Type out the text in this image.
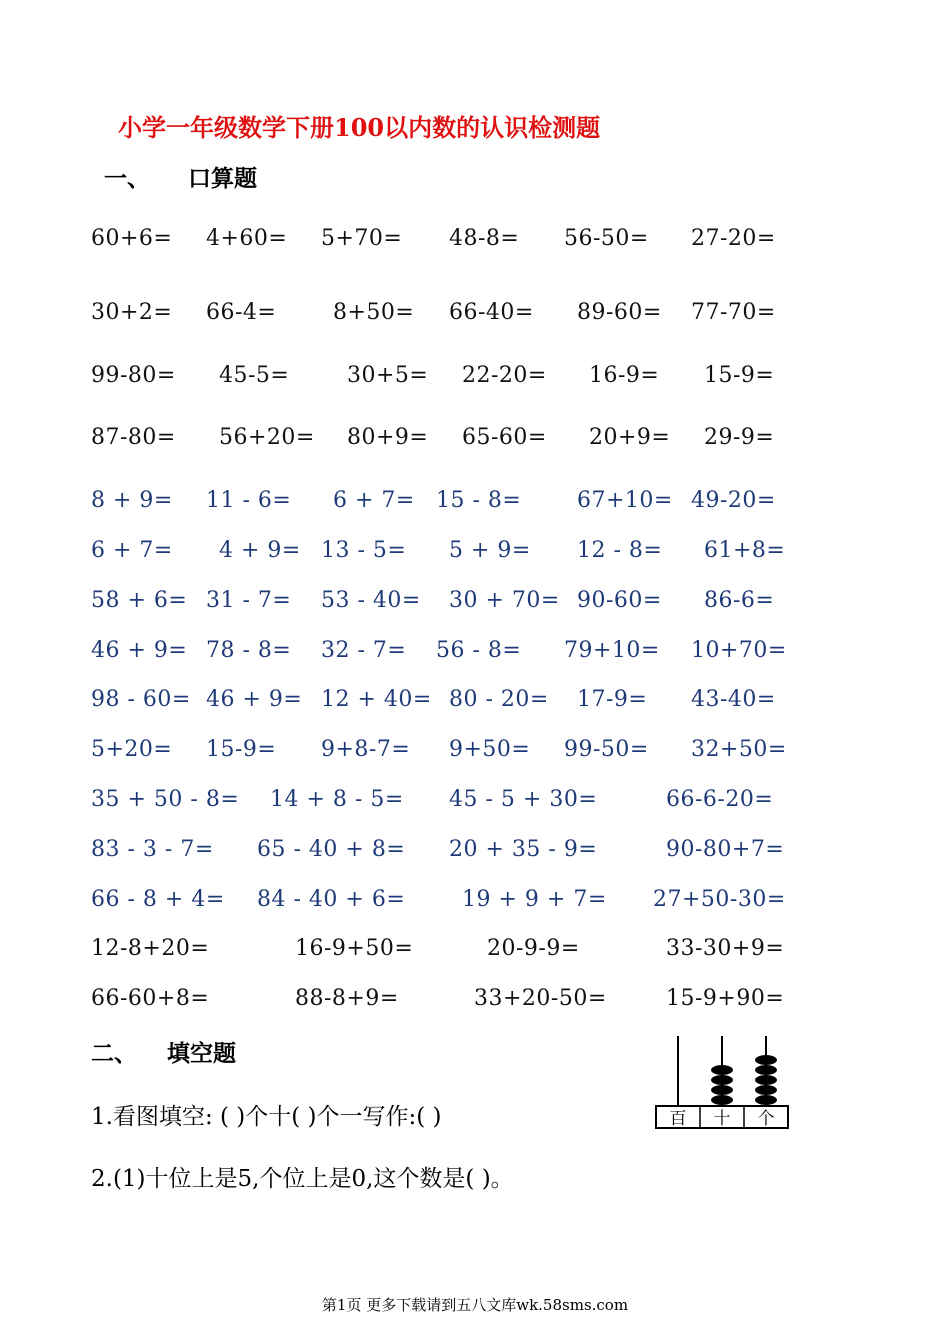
小学一年级数学下册100以内数的认识检测题
一、 口算题
60+6= 4+60= 5+70= 48-8= 56-50= 27-20=
30+2= 66-4=	8+50= 66-40= 89-60= 77-70=
99-80= 45-5=	30+5= 22-20= 16-9= 15-9=
87-80= 56+20= 80+9= 65-60= 20+9= 29-9=
8 + 9= 11 - 6= 6 + 7= 15 - 8=	67+10= 49-20=
6 + 7= 4 + 9= 13 - 5= 5 + 9= 12 - 8= 61+8=
58 + 6= 31 - 7= 53 - 40= 30 + 70= 90-60= 86-6=
46 + 9= 78 - 8= 32 - 7= 56 - 8= 79+10= 10+70=
98 - 60= 46 + 9= 12 + 40= 80 - 20= 17-9= 43-40=
5+20= 15-9= 9+8-7= 9+50= 99-50= 32+50=
35 + 50 - 8= 14 + 8 - 5= 45 - 5 + 30=	66-6-20=
83 - 3 - 7= 65 - 40 + 8= 20 + 35 - 9=	90-80+7=
66 - 8 + 4= 84 - 40 + 6=	19 + 9 + 7= 27+50-30=
12-8+20=	16-9+50=	20-9-9=	33-30+9=
66-60+8=	88-8+9=	33+20-50=	15-9+90=
二、 填空题
1.看图填空: ( )个十( )个一写作:( )
2.(1)十位上是5,个位上是0,这个数是( )。
百 十 个
第1页 更多下载请到五八文库wk.58sms.com
